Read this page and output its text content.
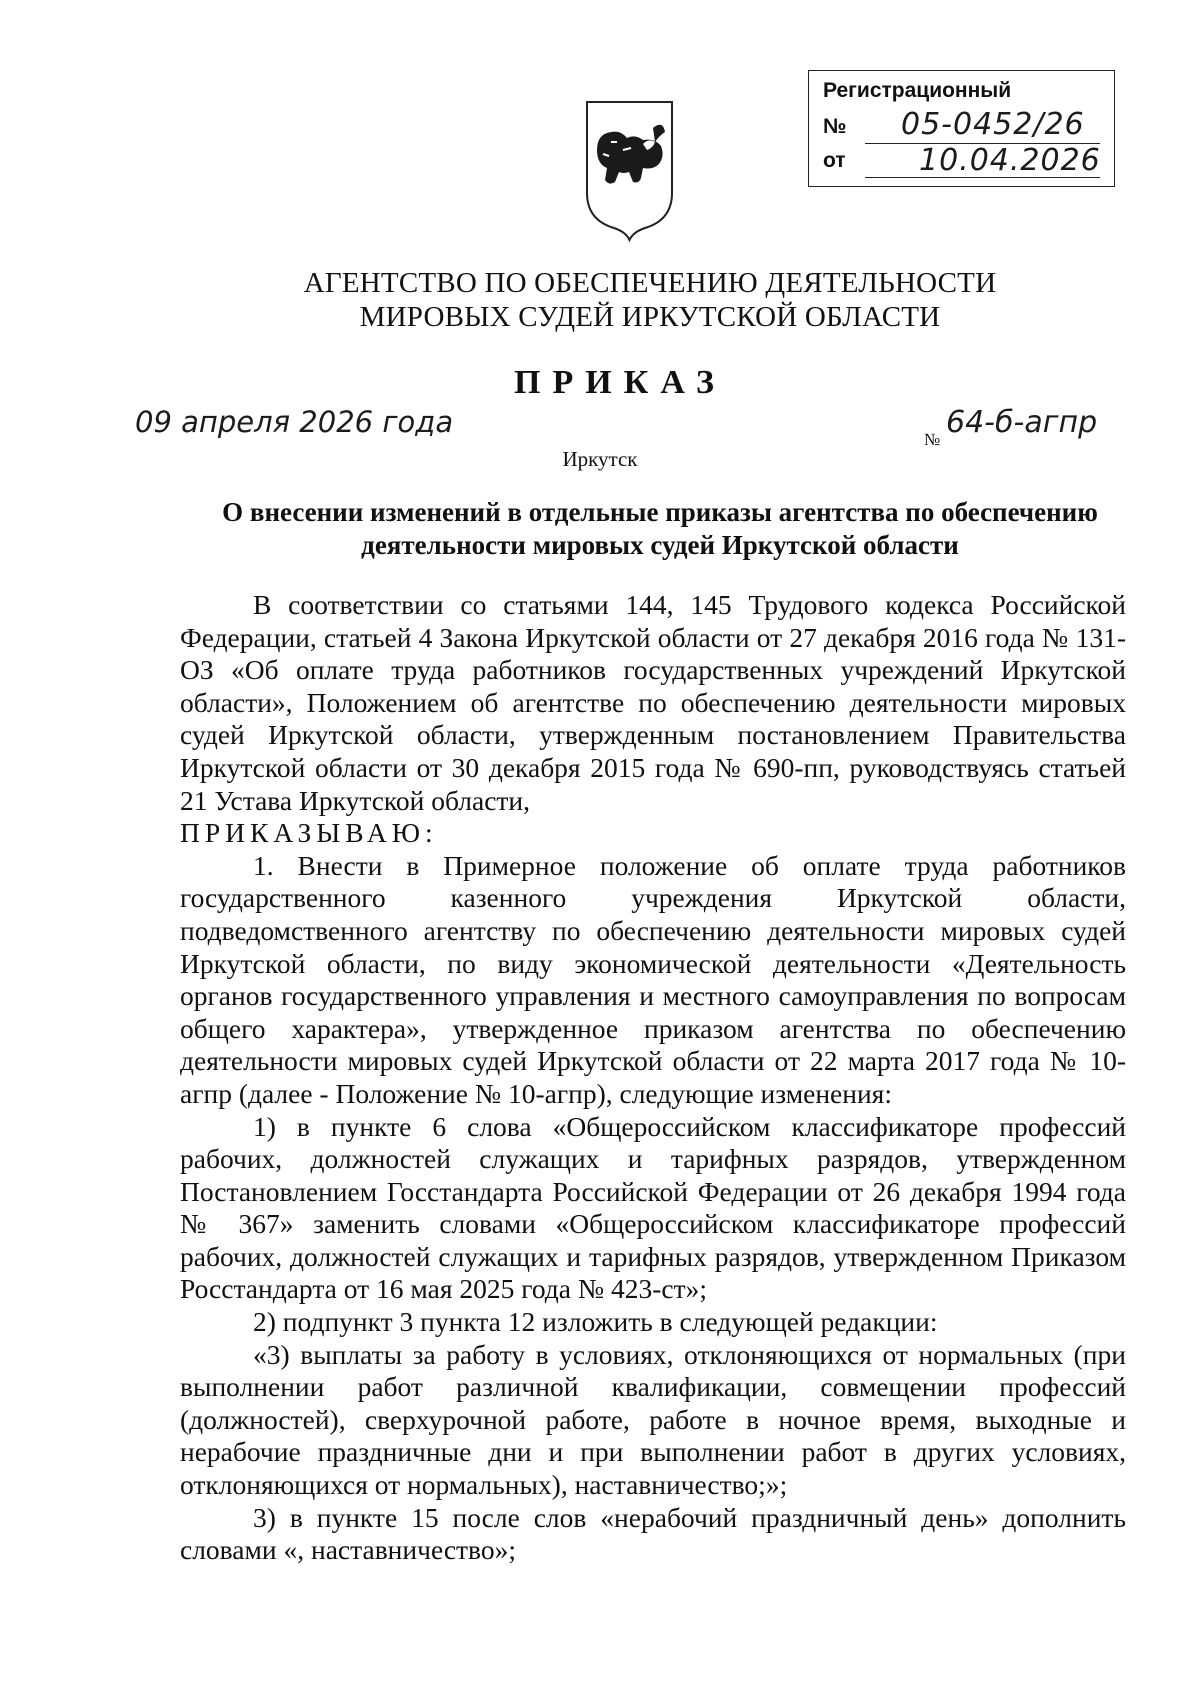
Регистрационный
№ 05-0452/26
от 10.04.2026
АГЕНТСТВО ПО ОБЕСПЕЧЕНИЮ ДЕЯТЕЛЬНОСТИ
МИРОВЫХ СУДЕЙ ИРКУТСКОЙ ОБЛАСТИ
ПРИКАЗ
09 апреля 2026 года
№ 64-б-агпр
Иркутск
О внесении изменений в отдельные приказы агентства по обеспечению деятельности мировых судей Иркутской области

В соответствии со статьями 144, 145 Трудового кодекса Российской Федерации, статьей 4 Закона Иркутской области от 27 декабря 2016 года № 131-ОЗ «Об оплате труда работников государственных учреждений Иркутской области», Положением об агентстве по обеспечению деятельности мировых судей Иркутской области, утвержденным постановлением Правительства Иркутской области от 30 декабря 2015 года № 690-пп, руководствуясь статьей 21 Устава Иркутской области,

ПРИКАЗЫВАЮ:

1. Внести в Примерное положение об оплате труда работников государственного казенного учреждения Иркутской области, подведомственного агентству по обеспечению деятельности мировых судей Иркутской области, по виду экономической деятельности «Деятельность органов государственного управления и местного самоуправления по вопросам общего характера», утвержденное приказом агентства по обеспечению деятельности мировых судей Иркутской области от 22 марта 2017 года № 10-агпр (далее - Положение № 10-агпр), следующие изменения:

1) в пункте 6 слова «Общероссийском классификаторе профессий рабочих, должностей служащих и тарифных разрядов, утвержденном Постановлением Госстандарта Российской Федерации от 26 декабря 1994 года № 367» заменить словами «Общероссийском классификаторе профессий рабочих, должностей служащих и тарифных разрядов, утвержденном Приказом Росстандарта от 16 мая 2025 года № 423-ст»;

2) подпункт 3 пункта 12 изложить в следующей редакции:

«3) выплаты за работу в условиях, отклоняющихся от нормальных (при выполнении работ различной квалификации, совмещении профессий (должностей), сверхурочной работе, работе в ночное время, выходные и нерабочие праздничные дни и при выполнении работ в других условиях, отклоняющихся от нормальных), наставничество;»;

3) в пункте 15 после слов «нерабочий праздничный день» дополнить словами «, наставничество»;
